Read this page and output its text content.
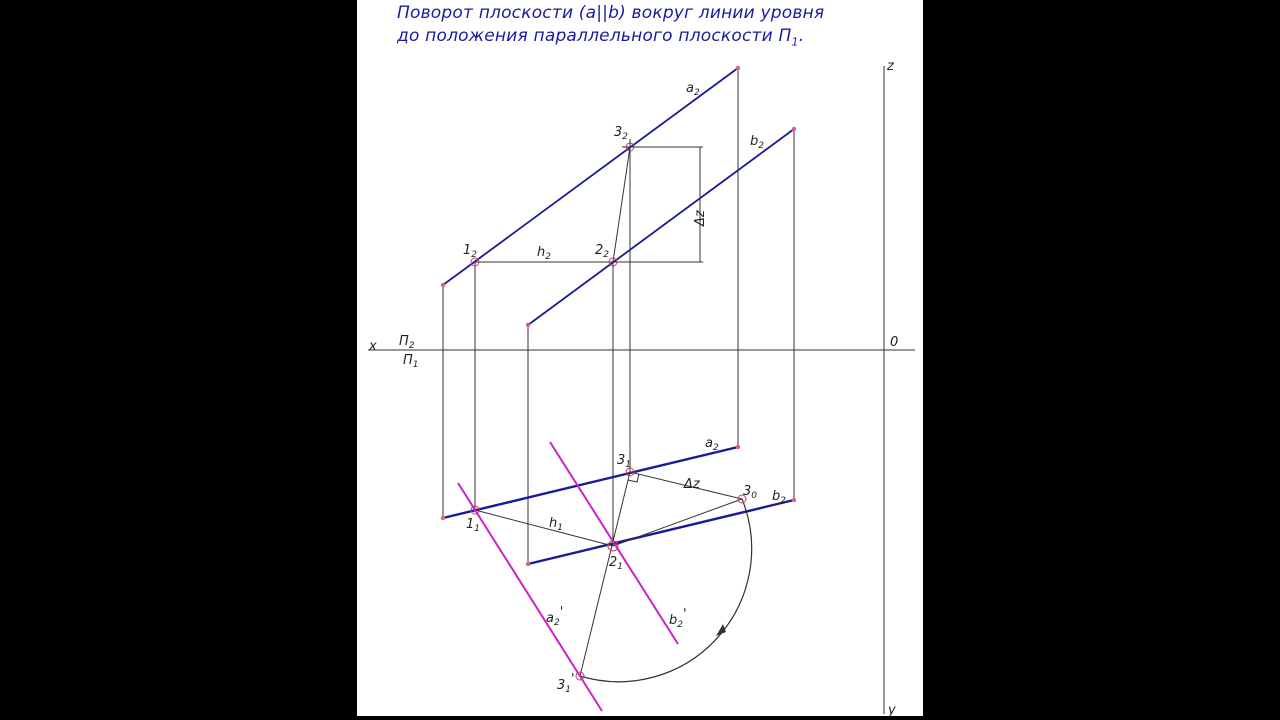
Поворот плоскости (a||b) вокруг линии уровня
до положения параллельного плоскости $П_1$.
x
z
y
0
$П_2$
$П_1$
$a_2$
$b_2$
$h_2$
$1_2$	$2_2$
$3_2$
Δz
$a_2$
$b_2$
$h_1$
$1_1$
$2_1$
$3_1$
$3_0$
$3_1'$
Δz
$a_2'$
$b_2'$
